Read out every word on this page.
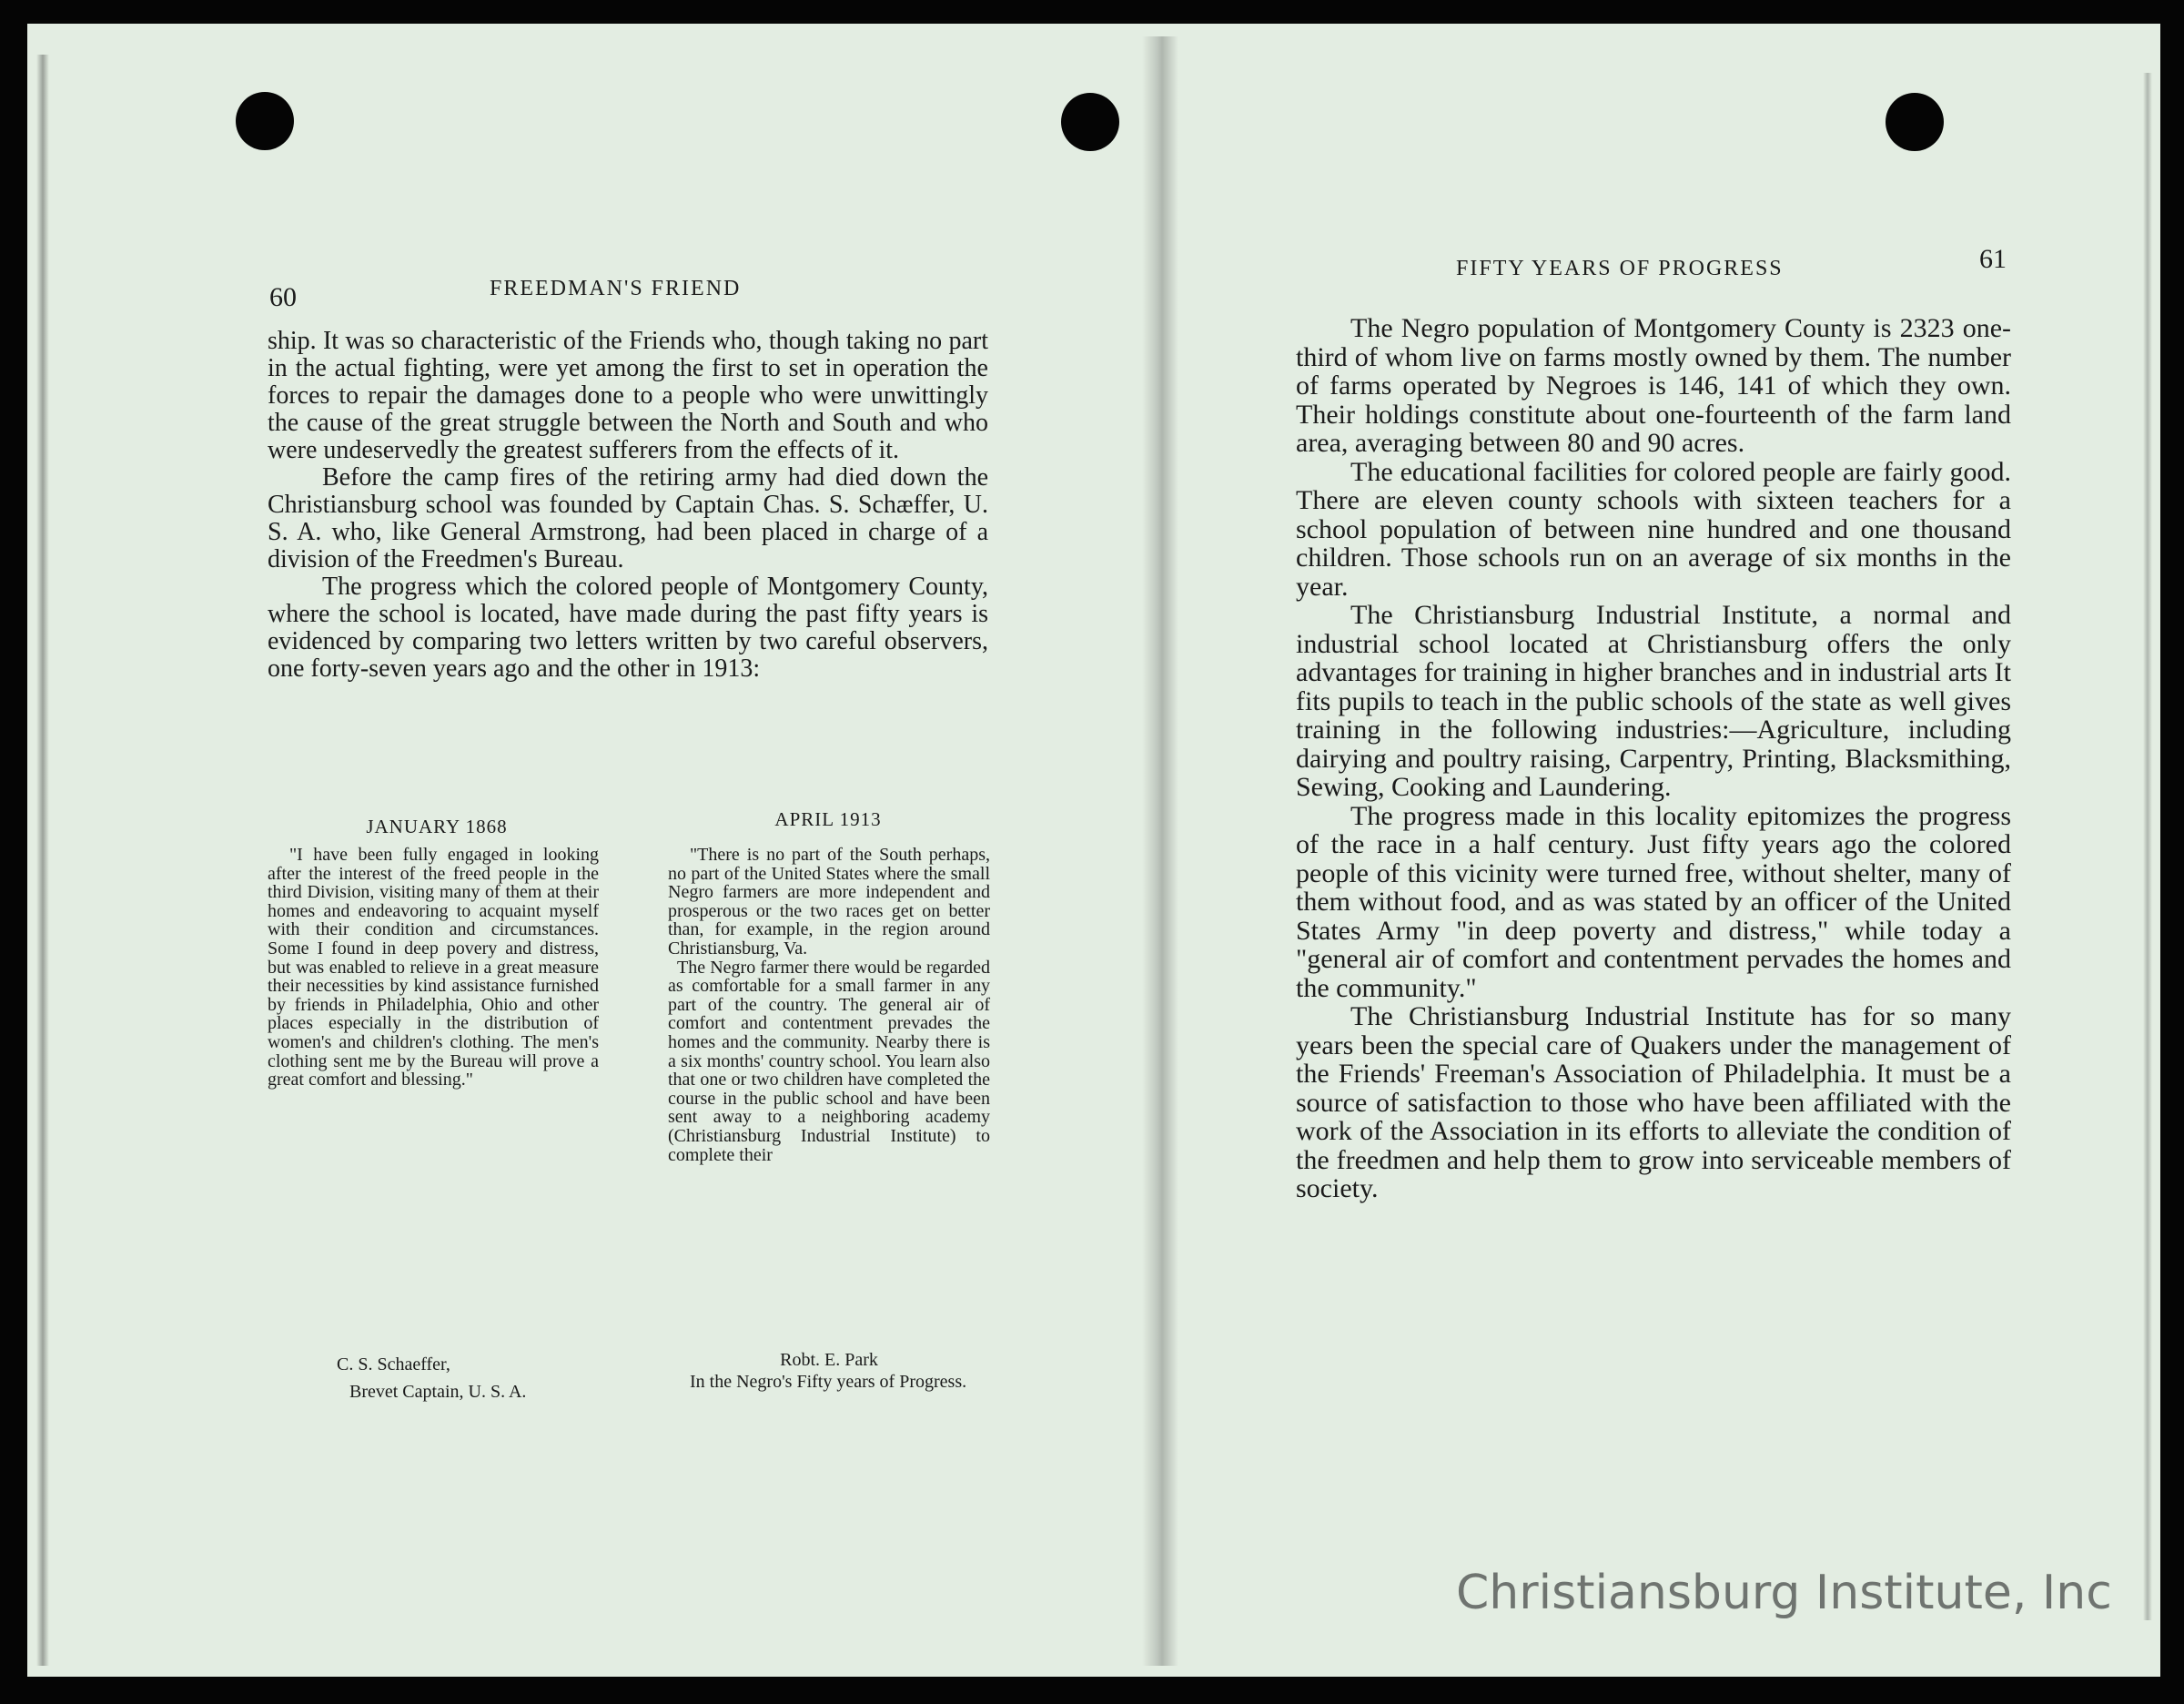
60	FREEDMAN'S FRIEND

ship. It was so characteristic of the Friends who, though taking no part in the actual fighting, were yet among the first to set in operation the forces to repair the damages done to a people who were unwittingly the cause of the great struggle between the North and South and who were undeservedly the greatest sufferers from the effects of it.

Before the camp fires of the retiring army had died down the Christiansburg school was founded by Captain Chas. S. Schæffer, U. S. A. who, like General Armstrong, had been placed in charge of a division of the Freedmen's Bureau.

The progress which the colored people of Montgomery County, where the school is located, have made during the past fifty years is evidenced by comparing two letters written by two careful observers, one forty-seven years ago and the other in 1913:

JANUARY 1868

"I have been fully engaged in looking after the interest of the freed people in the third Division, visiting many of them at their homes and endeavoring to acquaint myself with their condition and circumstances. Some I found in deep povery and distress, but was enabled to relieve in a great measure their necessities by kind assistance furnished by friends in Philadelphia, Ohio and other places especially in the distribution of women's and children's clothing. The men's clothing sent me by the Bureau will prove a great comfort and blessing."

C. S. Schaeffer,

Brevet Captain, U. S. A.

APRIL 1913

"There is no part of the South perhaps, no part of the United States where the small Negro farmers are more independent and prosperous or the two races get on better than, for example, in the region around Christiansburg, Va.

The Negro farmer there would be regarded as comfortable for a small farmer in any part of the country. The general air of comfort and contentment prevades the homes and the community. Nearby there is a six months' country school. You learn also that one or two children have completed the course in the public school and have been sent away to a neighboring academy (Christiansburg Industrial Institute) to complete their

Robt. E. Park

In the Negro's Fifty years of Progress.

FIFTY YEARS OF PROGRESS	61

The Negro population of Montgomery County is 2323 one-third of whom live on farms mostly owned by them. The number of farms operated by Negroes is 146, 141 of which they own. Their holdings constitute about one-fourteenth of the farm land area, averaging between 80 and 90 acres.

The educational facilities for colored people are fairly good. There are eleven county schools with sixteen teachers for a school population of between nine hundred and one thousand children. Those schools run on an average of six months in the year.

The Christiansburg Industrial Institute, a normal and industrial school located at Christiansburg offers the only advantages for training in higher branches and in industrial arts It fits pupils to teach in the public schools of the state as well gives training in the following industries:—Agriculture, including dairying and poultry raising, Carpentry, Printing, Blacksmithing, Sewing, Cooking and Laundering.

The progress made in this locality epitomizes the progress of the race in a half century. Just fifty years ago the colored people of this vicinity were turned free, without shelter, many of them without food, and as was stated by an officer of the United States Army "in deep poverty and distress," while today a "general air of comfort and contentment pervades the homes and the community."

The Christiansburg Industrial Institute has for so many years been the special care of Quakers under the management of the Friends' Freeman's Association of Philadelphia. It must be a source of satisfaction to those who have been affiliated with the work of the Association in its efforts to alleviate the condition of the freedmen and help them to grow into serviceable members of society.

Christiansburg Institute, Inc
